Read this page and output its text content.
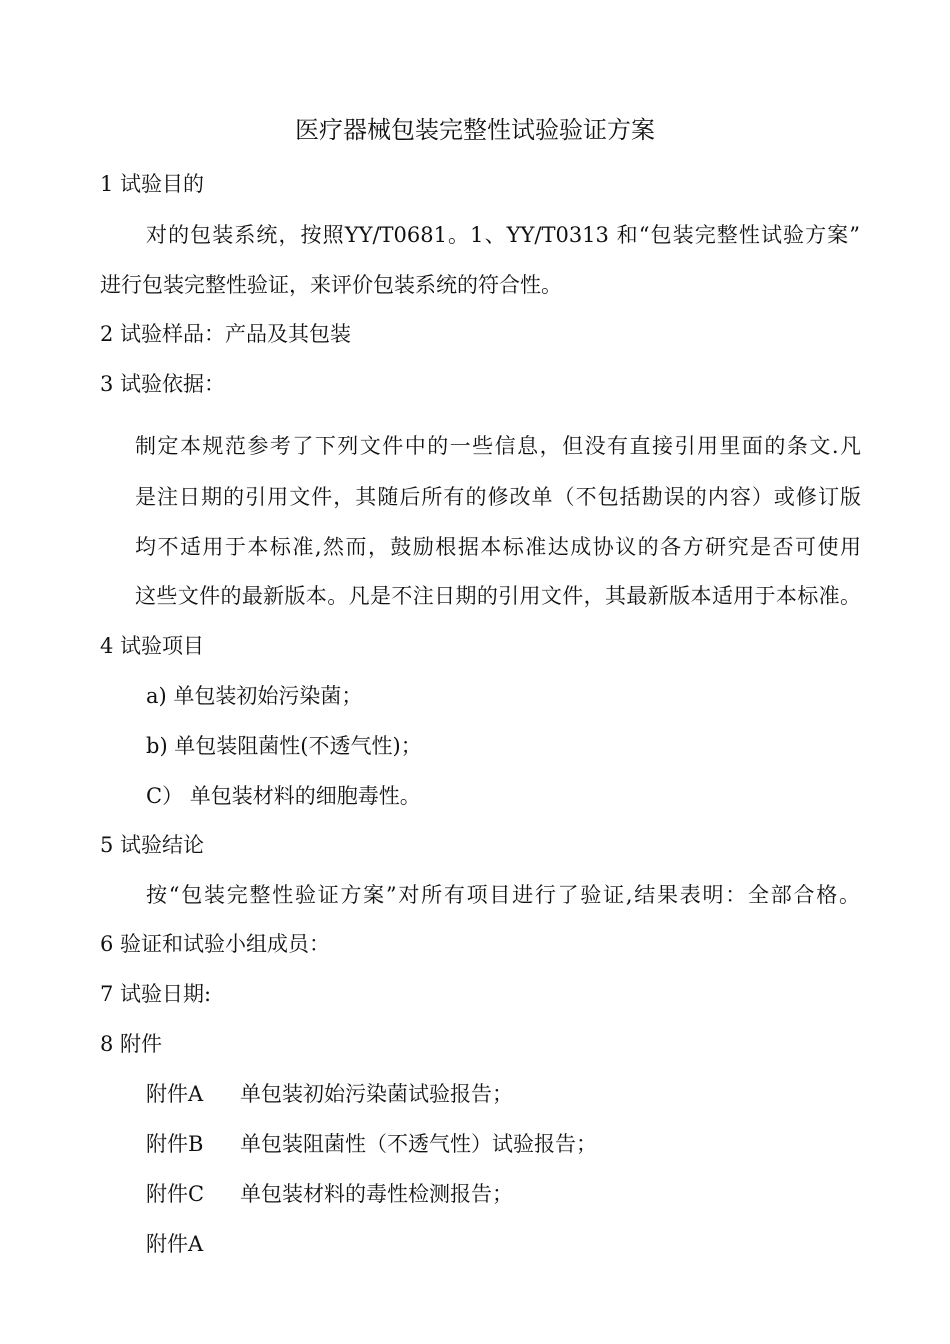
医疗器械包装完整性试验验证方案
1 试验目的
对的包装系统，按照YY/T0681。1、YY/T0313 和“包装完整性试验方案”
进行包装完整性验证，来评价包装系统的符合性。
2 试验样品：产品及其包装
3 试验依据：
制定本规范参考了下列文件中的一些信息，但没有直接引用里面的条文.凡
是注日期的引用文件，其随后所有的修改单（不包括勘误的内容）或修订版
均不适用于本标准,然而，鼓励根据本标准达成协议的各方研究是否可使用
这些文件的最新版本。凡是不注日期的引用文件，其最新版本适用于本标准。
4 试验项目
a) 单包装初始污染菌；
b) 单包装阻菌性(不透气性)；
C） 单包装材料的细胞毒性。
5 试验结论
按“包装完整性验证方案”对所有项目进行了验证,结果表明：全部合格。
6 验证和试验小组成员：
7 试验日期:
8 附件
附件A 单包装初始污染菌试验报告；
附件B 单包装阻菌性（不透气性）试验报告；
附件C 单包装材料的毒性检测报告；
附件A
